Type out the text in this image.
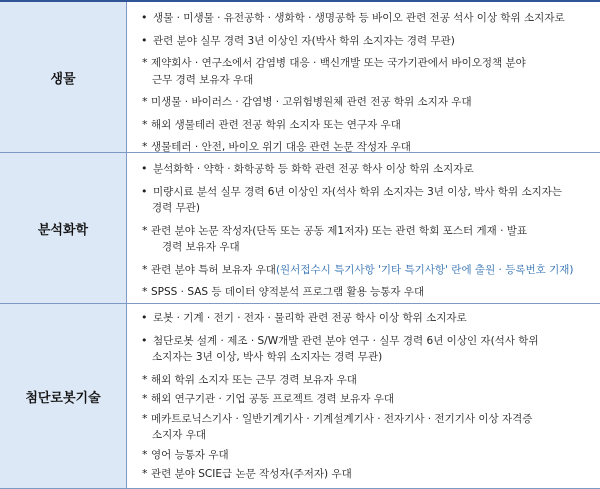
생물
• 생물 · 미생물 · 유전공학 · 생화학 · 생명공학 등 바이오 관련 전공 석사 이상 학위 소지자로
• 관련 분야 실무 경력 3년 이상인 자(박사 학위 소지자는 경력 무관)
* 제약회사 · 연구소에서 감염병 대응 · 백신개발 또는 국가기관에서 바이오정책 분야
근무 경력 보유자 우대
* 미생물 · 바이러스 · 감염병 · 고위험병원체 관련 전공 학위 소지자 우대
* 해외 생물테러 관련 전공 학위 소지자 또는 연구자 우대
* 생물테러 · 안전, 바이오 위기 대응 관련 논문 작성자 우대
분석화학
• 분석화학 · 약학 · 화학공학 등 화학 관련 전공 학사 이상 학위 소지자로
• 미량시료 분석 실무 경력 6년 이상인 자(석사 학위 소지자는 3년 이상, 박사 학위 소지자는
경력 무관)
* 관련 분야 논문 작성자(단독 또는 공동 제1저자) 또는 관련 학회 포스터 게재 · 발표
경력 보유자 우대
* 관련 분야 특허 보유자 우대(원서접수시 특기사항 '기타 특기사항' 란에 출원 · 등록번호 기재)
* SPSS · SAS 등 데이터 양적분석 프로그램 활용 능통자 우대
첨단로봇기술
• 로봇 · 기계 · 전기 · 전자 · 물리학 관련 전공 학사 이상 학위 소지자로
• 첨단로봇 설계 · 제조 · S/W개발 관련 분야 연구 · 실무 경력 6년 이상인 자(석사 학위
소지자는 3년 이상, 박사 학위 소지자는 경력 무관)
* 해외 학위 소지자 또는 근무 경력 보유자 우대
* 해외 연구기관 · 기업 공동 프로젝트 경력 보유자 우대
* 메카트로닉스기사 · 일반기계기사 · 기계설계기사 · 전자기사 · 전기기사 이상 자격증
소지자 우대
* 영어 능통자 우대
* 관련 분야 SCIE급 논문 작성자(주저자) 우대
